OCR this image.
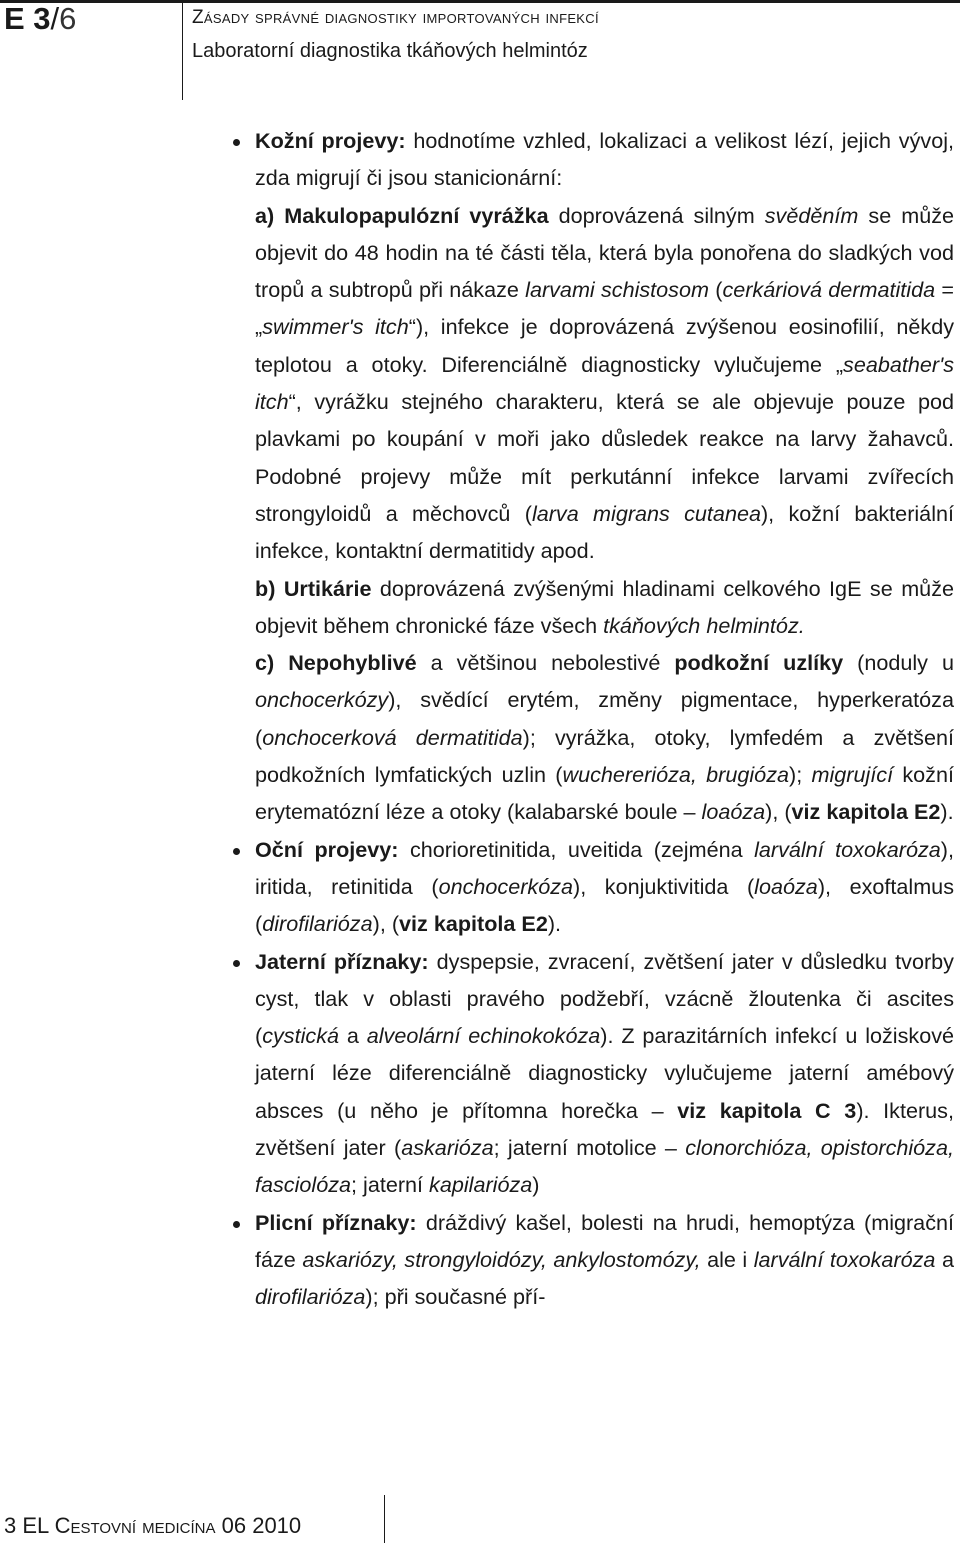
E 3/6	Zásady správné diagnostiky importovaných infekcí
Laboratorní diagnostika tkáňových helmintóz

Kožní projevy: hodnotíme vzhled, lokalizaci a velikost lézí, jejich vývoj, zda migrují či jsou stanicionární:

a) Makulopapulózní vyrážka doprovázená silným svěděním se může objevit do 48 hodin na té části těla, která byla ponořena do sladkých vod tropů a subtropů při nákaze larvami schistosom (cerkáriová dermatitida = „swimmer's itch“), infekce je doprovázená zvýšenou eosinofilií, někdy teplotou a otoky. Diferenciálně diagnosticky vylučujeme „seabather's itch“, vyrážku stejného charakteru, která se ale objevuje pouze pod plavkami po koupání v moři jako důsledek reakce na larvy žahavců. Podobné projevy může mít perkutánní infekce larvami zvířecích strongyloidů a měchovců (larva migrans cutanea), kožní bakteriální infekce, kontaktní dermatitidy apod.

b) Urtikárie doprovázená zvýšenými hladinami celkového IgE se může objevit během chronické fáze všech tkáňových helmintóz.

c) Nepohyblivé a většinou nebolestivé podkožní uzlíky (noduly u onchocerkózy), svědící erytém, změny pigmentace, hyperkeratóza (onchocerková dermatitida); vyrážka, otoky, lymfedém a zvětšení podkožních lymfatických uzlin (wuchererióza, brugióza); migrující kožní erytematózní léze a otoky (kalabarské boule – loaóza), (viz kapitola E2).

Oční projevy: chorioretinitida, uveitida (zejména larvální toxokaróza), iritida, retinitida (onchocerkóza), konjuktivitida (loaóza), exoftalmus (dirofilarióza), (viz kapitola E2).

Jaterní příznaky: dyspepsie, zvracení, zvětšení jater v důsledku tvorby cyst, tlak v oblasti pravého podžebří, vzácně žloutenka či ascites (cystická a alveolární echinokokóza). Z parazitárních infekcí u ložiskové jaterní léze diferenciálně diagnosticky vylučujeme jaterní amébový absces (u něho je přítomna horečka – viz kapitola C 3). Ikterus, zvětšení jater (askarióza; jaterní motolice – clonorchióza, opistorchióza, fasciolóza; jaterní kapilarióza)

Plicní příznaky: dráždivý kašel, bolesti na hrudi, hemoptýza (migrační fáze askariózy, strongyloidózy, ankylostomózy, ale i larvální toxokaróza a dirofilarióza); při současné pří-

3 EL Cestovní medicína 06 2010
